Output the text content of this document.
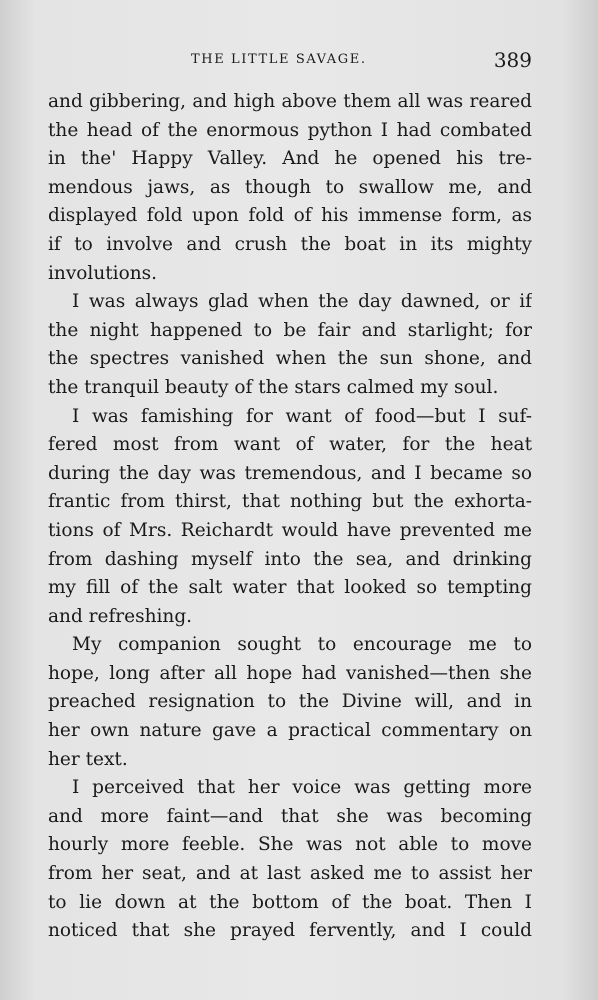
THE LITTLE SAVAGE.	389
and gibbering, and high above them all was reared
the head of the enormous python I had combated
in the' Happy Valley. And he opened his tre-
mendous jaws, as though to swallow me, and
displayed fold upon fold of his immense form, as
if to involve and crush the boat in its mighty
involutions.
I was always glad when the day dawned, or if
the night happened to be fair and starlight; for
the spectres vanished when the sun shone, and
the tranquil beauty of the stars calmed my soul.
I was famishing for want of food—but I suf-
fered most from want of water, for the heat
during the day was tremendous, and I became so
frantic from thirst, that nothing but the exhorta-
tions of Mrs. Reichardt would have prevented me
from dashing myself into the sea, and drinking
my fill of the salt water that looked so tempting
and refreshing.
My companion sought to encourage me to
hope, long after all hope had vanished—then she
preached resignation to the Divine will, and in
her own nature gave a practical commentary on
her text.
I perceived that her voice was getting more
and more faint—and that she was becoming
hourly more feeble. She was not able to move
from her seat, and at last asked me to assist her
to lie down at the bottom of the boat. Then I
noticed that she prayed fervently, and I could
